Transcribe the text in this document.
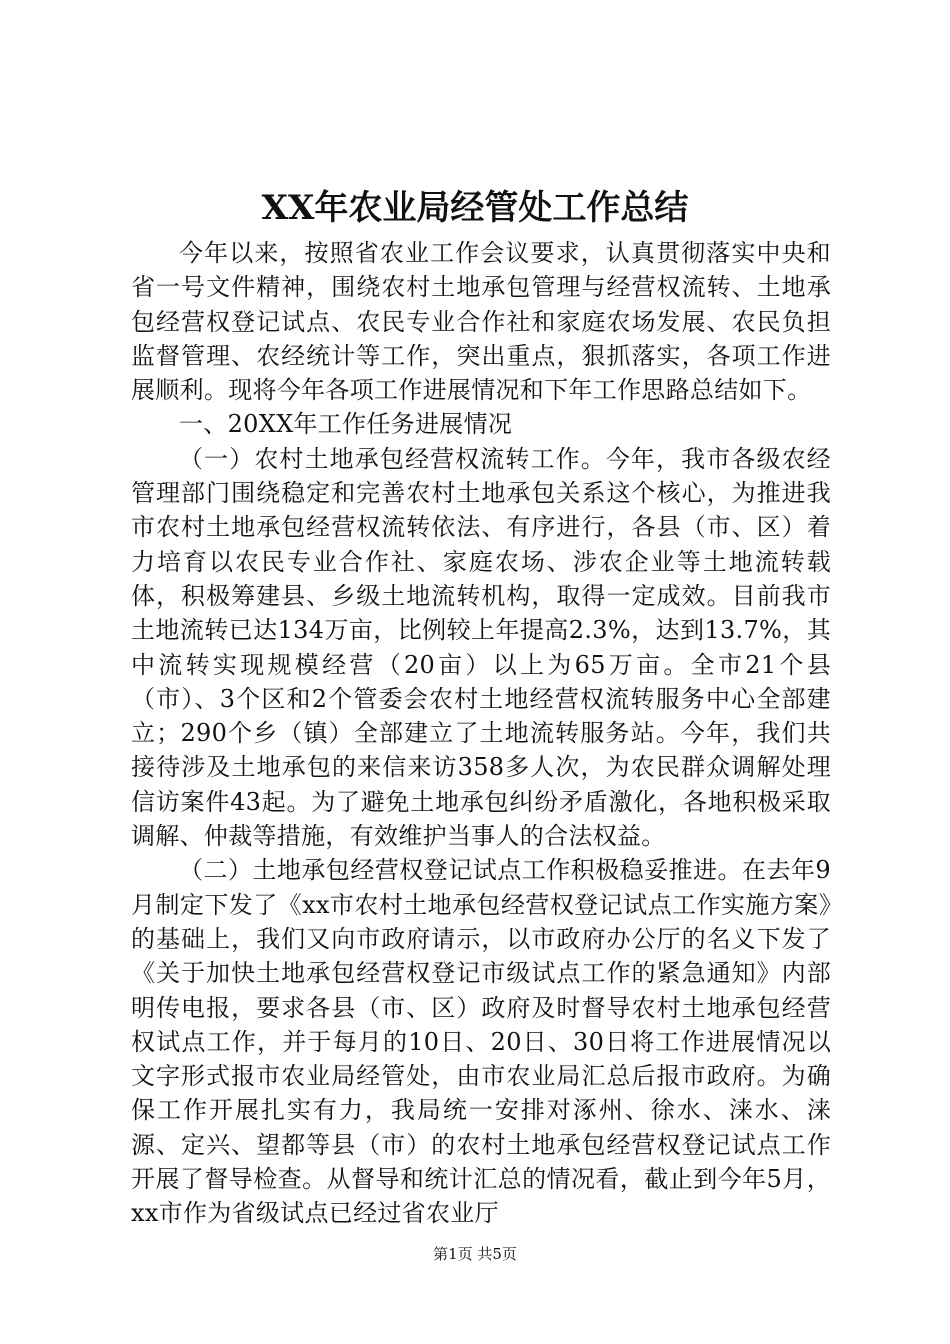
XX年农业局经管处工作总结

今年以来，按照省农业工作会议要求，认真贯彻落实中央和省一号文件精神，围绕农村土地承包管理与经营权流转、土地承包经营权登记试点、农民专业合作社和家庭农场发展、农民负担监督管理、农经统计等工作，突出重点，狠抓落实，各项工作进展顺利。现将今年各项工作进展情况和下年工作思路总结如下。

一、20XX年工作任务进展情况

（一）农村土地承包经营权流转工作。今年，我市各级农经管理部门围绕稳定和完善农村土地承包关系这个核心，为推进我市农村土地承包经营权流转依法、有序进行，各县（市、区）着力培育以农民专业合作社、家庭农场、涉农企业等土地流转载体，积极筹建县、乡级土地流转机构，取得一定成效。目前我市土地流转已达134万亩，比例较上年提高2.3%，达到13.7%，其中流转实现规模经营（20亩）以上为65万亩。全市21个县（市）、3个区和2个管委会农村土地经营权流转服务中心全部建立；290个乡（镇）全部建立了土地流转服务站。今年，我们共接待涉及土地承包的来信来访358多人次，为农民群众调解处理信访案件43起。为了避免土地承包纠纷矛盾激化，各地积极采取调解、仲裁等措施，有效维护当事人的合法权益。

（二）土地承包经营权登记试点工作积极稳妥推进。在去年9月制定下发了《xx市农村土地承包经营权登记试点工作实施方案》的基础上，我们又向市政府请示，以市政府办公厅的名义下发了《关于加快土地承包经营权登记市级试点工作的紧急通知》内部明传电报，要求各县（市、区）政府及时督导农村土地承包经营权试点工作，并于每月的10日、20日、30日将工作进展情况以文字形式报市农业局经管处，由市农业局汇总后报市政府。为确保工作开展扎实有力，我局统一安排对涿州、徐水、涞水、涞源、定兴、望都等县（市）的农村土地承包经营权登记试点工作开展了督导检查。从督导和统计汇总的情况看，截止到今年5月，xx市作为省级试点已经过省农业厅

第1页 共5页
